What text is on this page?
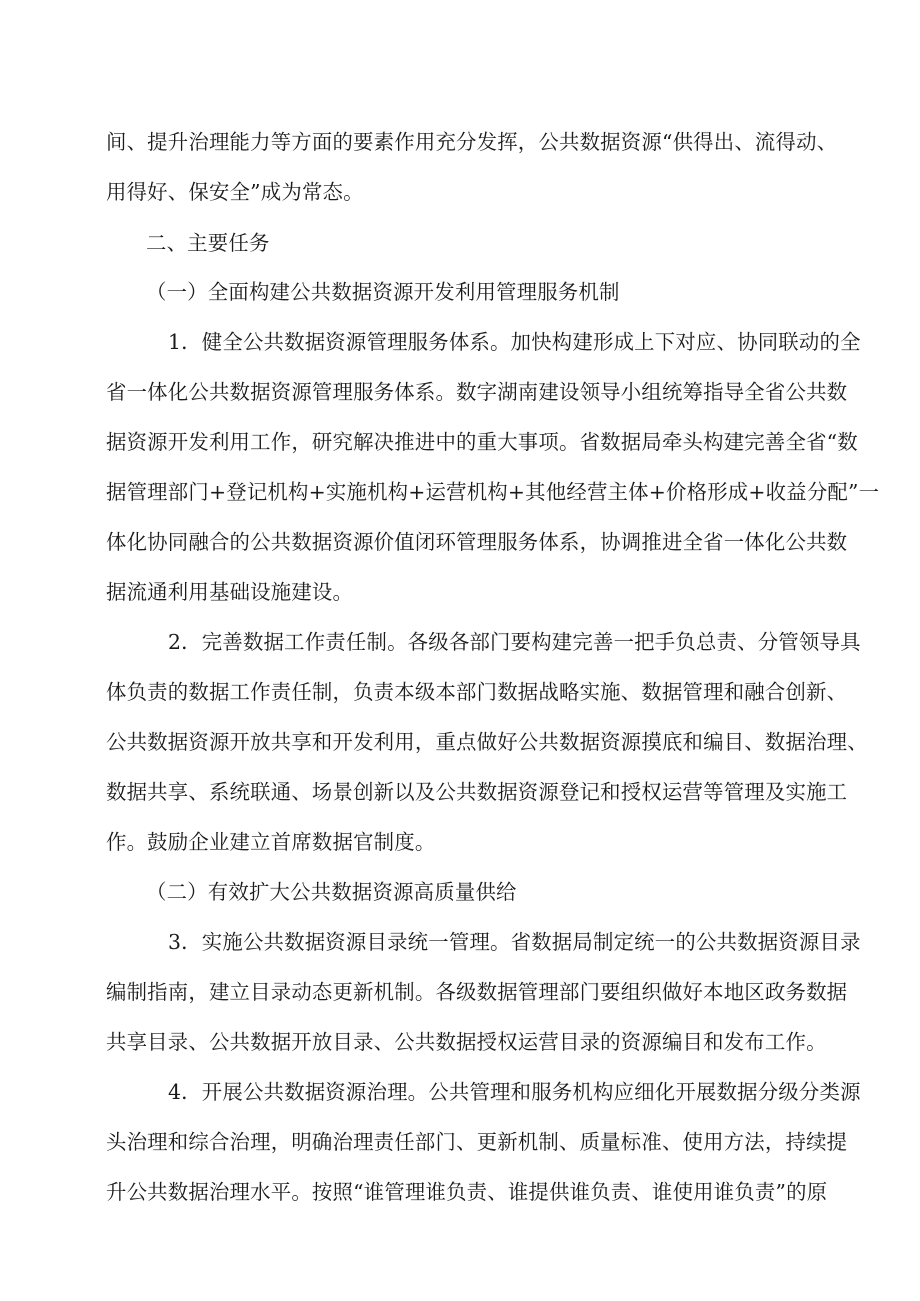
间、提升治理能力等方面的要素作用充分发挥，公共数据资源“供得出、流得动、
用得好、保安全”成为常态。
二、主要任务
（一）全面构建公共数据资源开发利用管理服务机制
1．健全公共数据资源管理服务体系。加快构建形成上下对应、协同联动的全
省一体化公共数据资源管理服务体系。数字湖南建设领导小组统筹指导全省公共数
据资源开发利用工作，研究解决推进中的重大事项。省数据局牵头构建完善全省“数
据管理部门+登记机构+实施机构+运营机构+其他经营主体+价格形成+收益分配”一
体化协同融合的公共数据资源价值闭环管理服务体系，协调推进全省一体化公共数
据流通利用基础设施建设。
2．完善数据工作责任制。各级各部门要构建完善一把手负总责、分管领导具
体负责的数据工作责任制，负责本级本部门数据战略实施、数据管理和融合创新、
公共数据资源开放共享和开发利用，重点做好公共数据资源摸底和编目、数据治理、
数据共享、系统联通、场景创新以及公共数据资源登记和授权运营等管理及实施工
作。鼓励企业建立首席数据官制度。
（二）有效扩大公共数据资源高质量供给
3．实施公共数据资源目录统一管理。省数据局制定统一的公共数据资源目录
编制指南，建立目录动态更新机制。各级数据管理部门要组织做好本地区政务数据
共享目录、公共数据开放目录、公共数据授权运营目录的资源编目和发布工作。
4．开展公共数据资源治理。公共管理和服务机构应细化开展数据分级分类源
头治理和综合治理，明确治理责任部门、更新机制、质量标准、使用方法，持续提
升公共数据治理水平。按照“谁管理谁负责、谁提供谁负责、谁使用谁负责”的原
